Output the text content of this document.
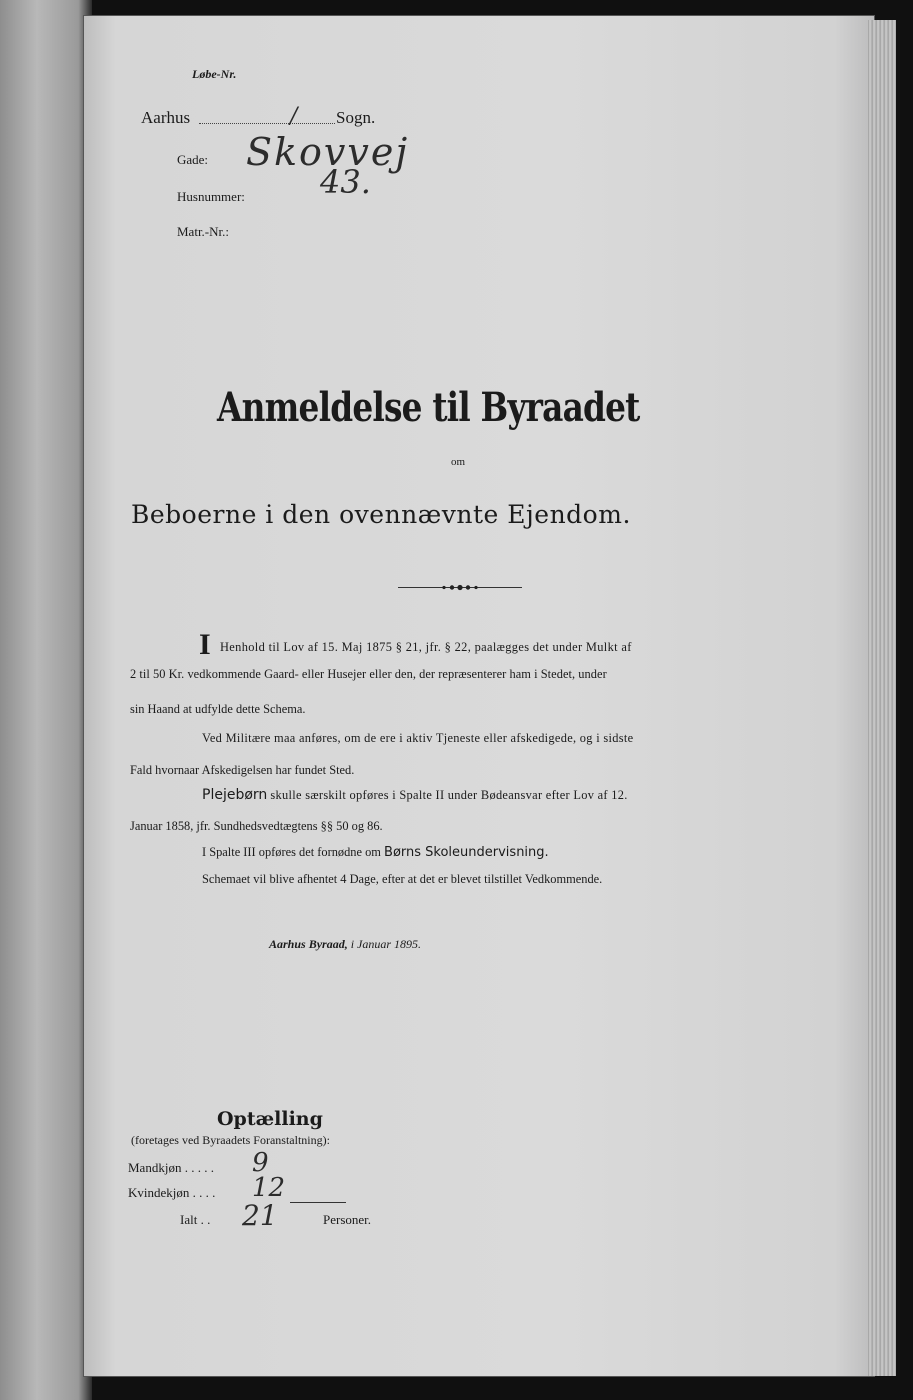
Løbe-Nr.
Aarhus	/ Sogn.
Gade: Skovvej
Husnummer: 43.
Matr.-Nr.:
Anmeldelse til Byraadet
om
Beboerne i den ovennævnte Ejendom.
I Henhold til Lov af 15. Maj 1875 § 21, jfr. § 22, paalægges det under Mulkt af
2 til 50 Kr. vedkommende Gaard- eller Husejer eller den, der repræsenterer ham i Stedet, under
sin Haand at udfylde dette Schema.
Ved Militære maa anføres, om de ere i aktiv Tjeneste eller afskedigede, og i sidste
Fald hvornaar Afskedigelsen har fundet Sted.
Plejebørn skulle særskilt opføres i Spalte II under Bødeansvar efter Lov af 12.
Januar 1858, jfr. Sundhedsvedtægtens §§ 50 og 86.
I Spalte III opføres det fornødne om Børns Skoleundervisning.
Schemaet vil blive afhentet 4 Dage, efter at det er blevet tilstillet Vedkommende.
Aarhus Byraad, i Januar 1895.
Optælling
(foretages ved Byraadets Foranstaltning):
Mandkjøn . . . . . 9
Kvindekjøn . . . . 12
Ialt . . 21	Personer.
